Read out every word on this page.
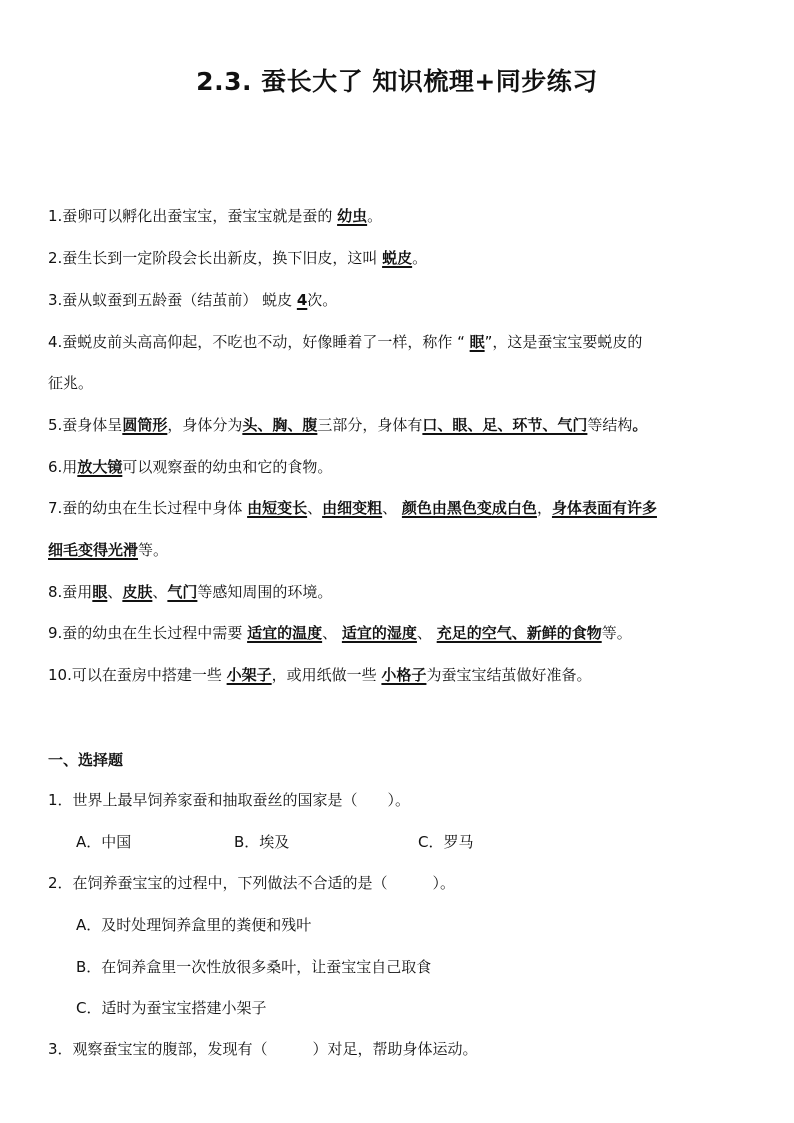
2.3. 蚕长大了 知识梳理+同步练习
1.蚕卵可以孵化出蚕宝宝，蚕宝宝就是蚕的 幼虫。
2.蚕生长到一定阶段会长出新皮，换下旧皮，这叫 蜕皮。
3.蚕从蚁蚕到五龄蚕（结茧前） 蜕皮 4次。
4.蚕蜕皮前头高高仰起，不吃也不动，好像睡着了一样，称作 “ 眠”，这是蚕宝宝要蜕皮的
征兆。
5.蚕身体呈圆筒形，身体分为头、胸、腹三部分，身体有口、眼、足、环节、气门等结构。
6.用放大镜可以观察蚕的幼虫和它的食物。
7.蚕的幼虫在生长过程中身体 由短变长、由细变粗、 颜色由黑色变成白色，身体表面有许多
细毛变得光滑等。
8.蚕用眼、皮肤、气门等感知周围的环境。
9.蚕的幼虫在生长过程中需要 适宜的温度、 适宜的湿度、 充足的空气、新鲜的食物等。
10.可以在蚕房中搭建一些 小架子，或用纸做一些 小格子为蚕宝宝结茧做好准备。
一、选择题
1．世界上最早饲养家蚕和抽取蚕丝的国家是（　　）。
A．中国	B．埃及	C．罗马
2．在饲养蚕宝宝的过程中，下列做法不合适的是（　　　）。
A．及时处理饲养盒里的粪便和残叶
B．在饲养盒里一次性放很多桑叶，让蚕宝宝自己取食
C．适时为蚕宝宝搭建小架子
3．观察蚕宝宝的腹部，发现有（　　　）对足，帮助身体运动。
